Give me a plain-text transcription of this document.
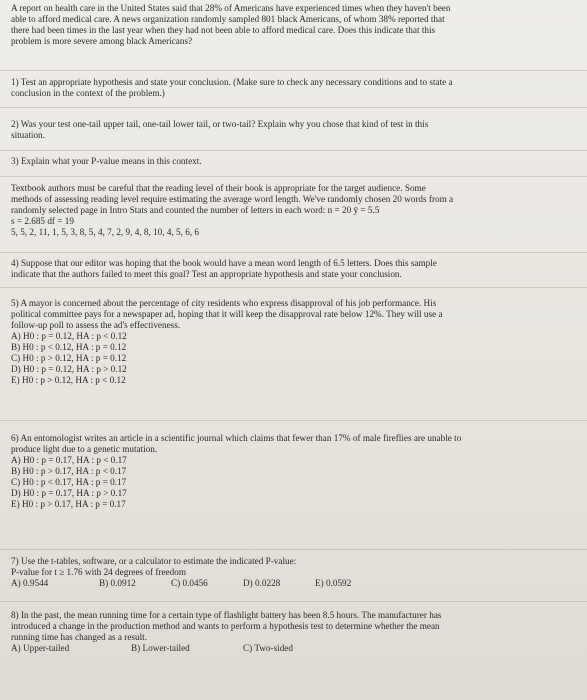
A report on health care in the United States said that 28% of Americans have experienced times when they haven't been
able to afford medical care. A news organization randomly sampled 801 black Americans, of whom 38% reported that
there had been times in the last year when they had not been able to afford medical care. Does this indicate that this
problem is more severe among black Americans?
1) Test an appropriate hypothesis and state your conclusion. (Make sure to check any necessary conditions and to state a
conclusion in the context of the problem.)
2) Was your test one-tail upper tail, one-tail lower tail, or two-tail? Explain why you chose that kind of test in this
situation.
3) Explain what your P-value means in this context.
Textbook authors must be careful that the reading level of their book is appropriate for the target audience. Some
methods of assessing reading level require estimating the average word length. We've randomly chosen 20 words from a
randomly selected page in Intro Stats and counted the number of letters in each word: n = 20 ȳ = 5.5
s = 2.685 df = 19
5, 5, 2, 11, 1, 5, 3, 8, 5, 4, 7, 2, 9, 4, 8, 10, 4, 5, 6, 6
4) Suppose that our editor was hoping that the book would have a mean word length of 6.5 letters. Does this sample
indicate that the authors failed to meet this goal? Test an appropriate hypothesis and state your conclusion.
5) A mayor is concerned about the percentage of city residents who express disapproval of his job performance. His
political committee pays for a newspaper ad, hoping that it will keep the disapproval rate below 12%. They will use a
follow-up poll to assess the ad's effectiveness.
A) H0 : p = 0.12, HA : p < 0.12
B) H0 : p < 0.12, HA : p = 0.12
C) H0 : p > 0.12, HA : p = 0.12
D) H0 : p = 0.12, HA : p > 0.12
E) H0 : p > 0.12, HA : p < 0.12
6) An entomologist writes an article in a scientific journal which claims that fewer than 17% of male fireflies are unable to
produce light due to a genetic mutation.
A) H0 : p = 0.17, HA : p < 0.17
B) H0 : p > 0.17, HA : p < 0.17
C) H0 : p < 0.17, HA : p = 0.17
D) H0 : p = 0.17, HA : p > 0.17
E) H0 : p > 0.17, HA : p = 0.17
7) Use the t-tables, software, or a calculator to estimate the indicated P-value:
P-value for t ≥ 1.76 with 24 degrees of freedom
A) 0.9544	B) 0.0912	C) 0.0456	D) 0.0228	E) 0.0592
8) In the past, the mean running time for a certain type of flashlight battery has been 8.5 hours. The manufacturer has
introduced a change in the production method and wants to perform a hypothesis test to determine whether the mean
running time has changed as a result.
A) Upper-tailed	B) Lower-tailed	C) Two-sided
